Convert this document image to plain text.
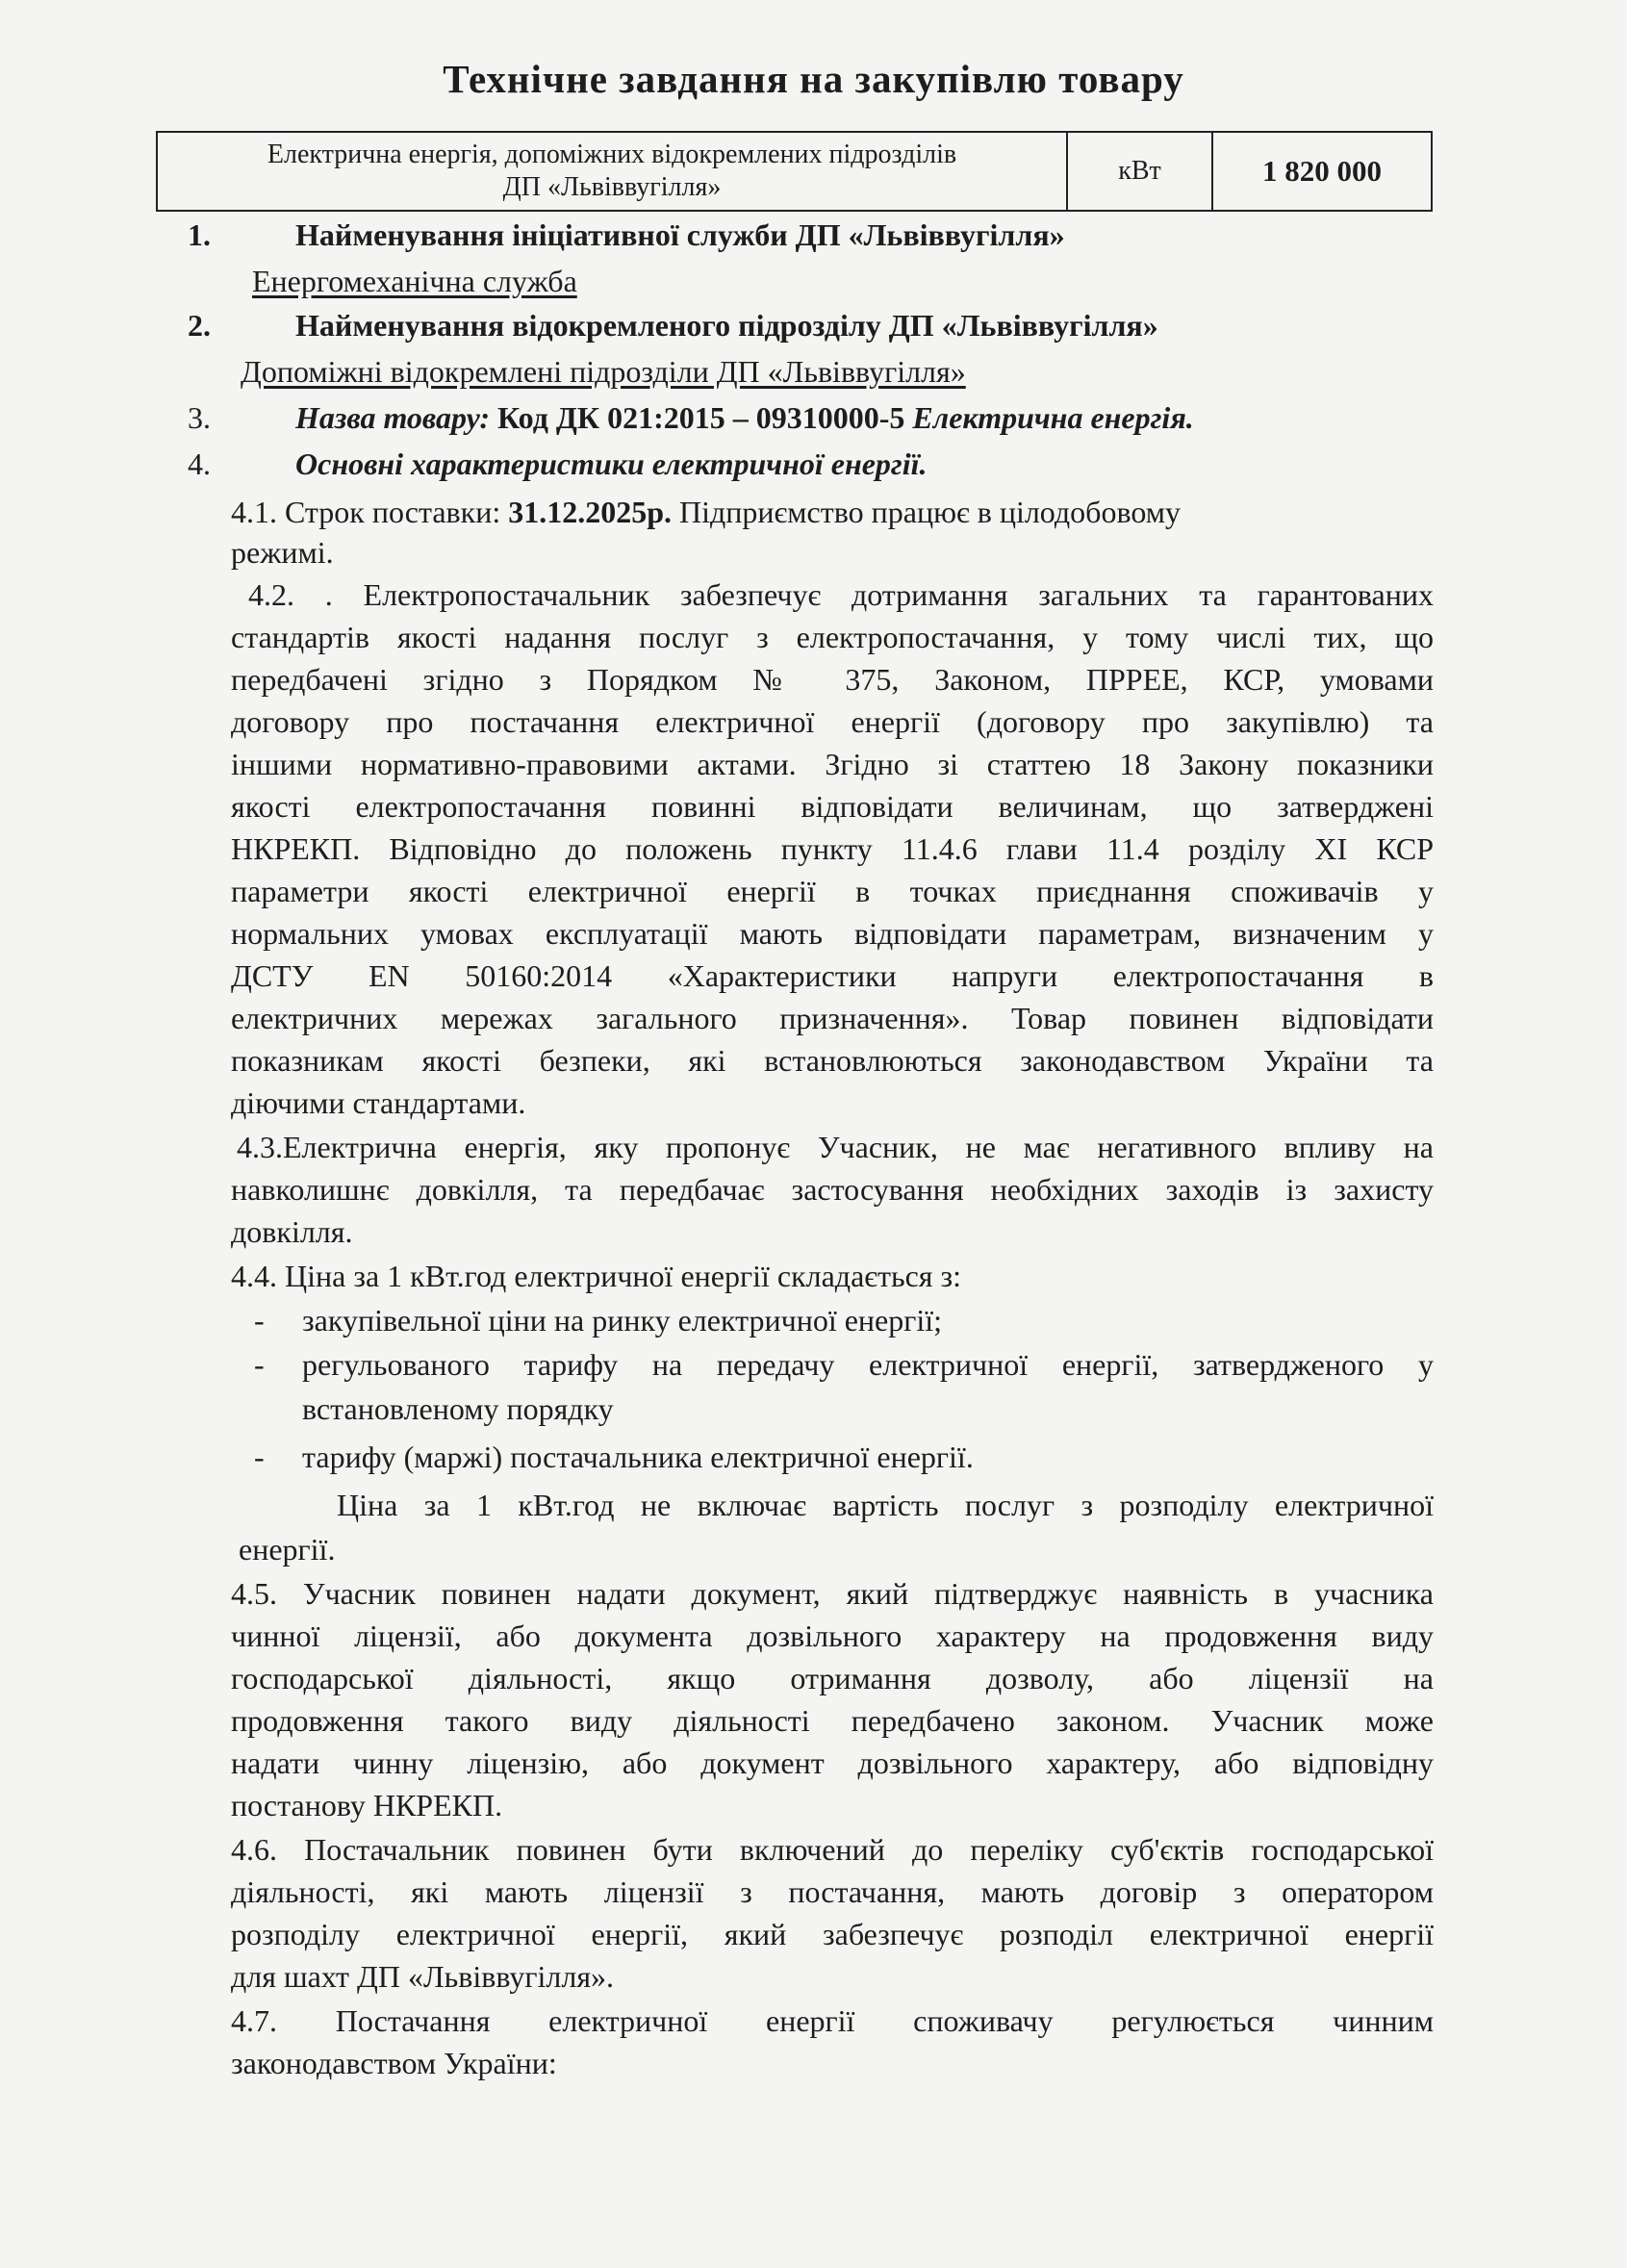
Технічне завдання на закупівлю товару
Електрична енергія, допоміжних відокремлених підрозділів
ДП «Львіввугілля»	кВт	1 820 000

1.	Найменування ініціативної служби ДП «Львіввугілля»

Енергомеханічна служба

2.	Найменування відокремленого підрозділу ДП «Львіввугілля»

Допоміжні відокремлені підрозділи ДП «Львіввугілля»

3.	Назва товару: Код ДК 021:2015 – 09310000-5 Електрична енергія.

4.	Основні характеристики електричної енергії.

4.1. Строк поставки: 31.12.2025р. Підприємство працює в цілодобовому

режимі.

4.2. . Електропостачальник забезпечує дотримання загальних та гарантованих

стандартів якості надання послуг з електропостачання, у тому числі тих, що

передбачені згідно з Порядком № 375, Законом, ПРРЕЕ, КСР, умовами

договору про постачання електричної енергії (договору про закупівлю) та

іншими нормативно-правовими актами. Згідно зі статтею 18 Закону показники

якості електропостачання повинні відповідати величинам, що затверджені

НКРЕКП. Відповідно до положень пункту 11.4.6 глави 11.4 розділу XI КСР

параметри якості електричної енергії в точках приєднання споживачів у

нормальних умовах експлуатації мають відповідати параметрам, визначеним у

ДСТУ EN 50160:2014 «Характеристики напруги електропостачання в

електричних мережах загального призначення». Товар повинен відповідати

показникам якості безпеки, які встановлюються законодавством України та

діючими стандартами.

4.3.Електрична енергія, яку пропонує Учасник, не має негативного впливу на

навколишнє довкілля, та передбачає застосування необхідних заходів із захисту

довкілля.

4.4. Ціна за 1 кВт.год електричної енергії складається з:

- закупівельної ціни на ринку електричної енергії;

- регульованого тарифу на передачу електричної енергії, затвердженого у

встановленому порядку

- тарифу (маржі) постачальника електричної енергії.

Ціна за 1 кВт.год не включає вартість послуг з розподілу електричної

енергії.

4.5. Учасник повинен надати документ, який підтверджує наявність в учасника

чинної ліцензії, або документа дозвільного характеру на продовження виду

господарської діяльності, якщо отримання дозволу, або ліцензії на

продовження такого виду діяльності передбачено законом. Учасник може

надати чинну ліцензію, або документ дозвільного характеру, або відповідну

постанову НКРЕКП.

4.6. Постачальник повинен бути включений до переліку суб'єктів господарської

діяльності, які мають ліцензії з постачання, мають договір з оператором

розподілу електричної енергії, який забезпечує розподіл електричної енергії

для шахт ДП «Львіввугілля».

4.7. Постачання електричної енергії споживачу регулюється чинним

законодавством України:
